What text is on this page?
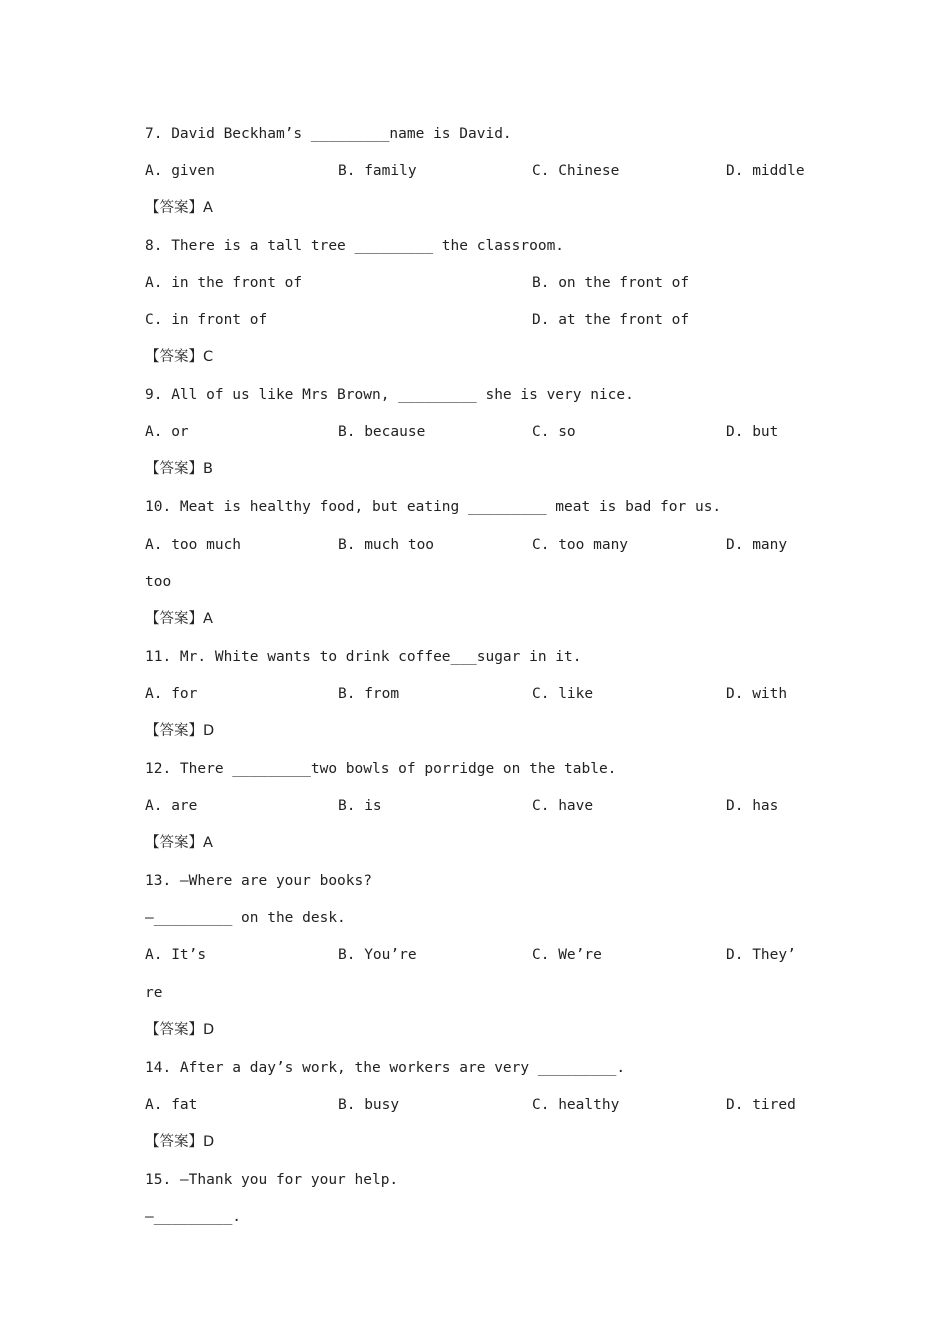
7. David Beckham’s _________name is David.
A. given	B. family	C. Chinese	D. middle
【答案】A
8. There is a tall tree _________ the classroom.
A. in the front of	B. on the front of
C. in front of	D. at the front of
【答案】C
9. All of us like Mrs Brown, _________ she is very nice.
A. or	B. because	C. so	D. but
【答案】B
10. Meat is healthy food, but eating _________ meat is bad for us.
A. too much	B. much too	C. too many	D. many
too
【答案】A
11. Mr. White wants to drink coffee___sugar in it.
A. for	B. from	C. like	D. with
【答案】D
12. There _________two bowls of porridge on the table.
A. are	B. is	C. have	D. has
【答案】A
13. —Where are your books?
—_________ on the desk.
A. It’s	B. You’re	C. We’re	D. They’
re
【答案】D
14. After a day’s work, the workers are very _________.
A. fat	B. busy	C. healthy	D. tired
【答案】D
15. —Thank you for your help.
—_________.
